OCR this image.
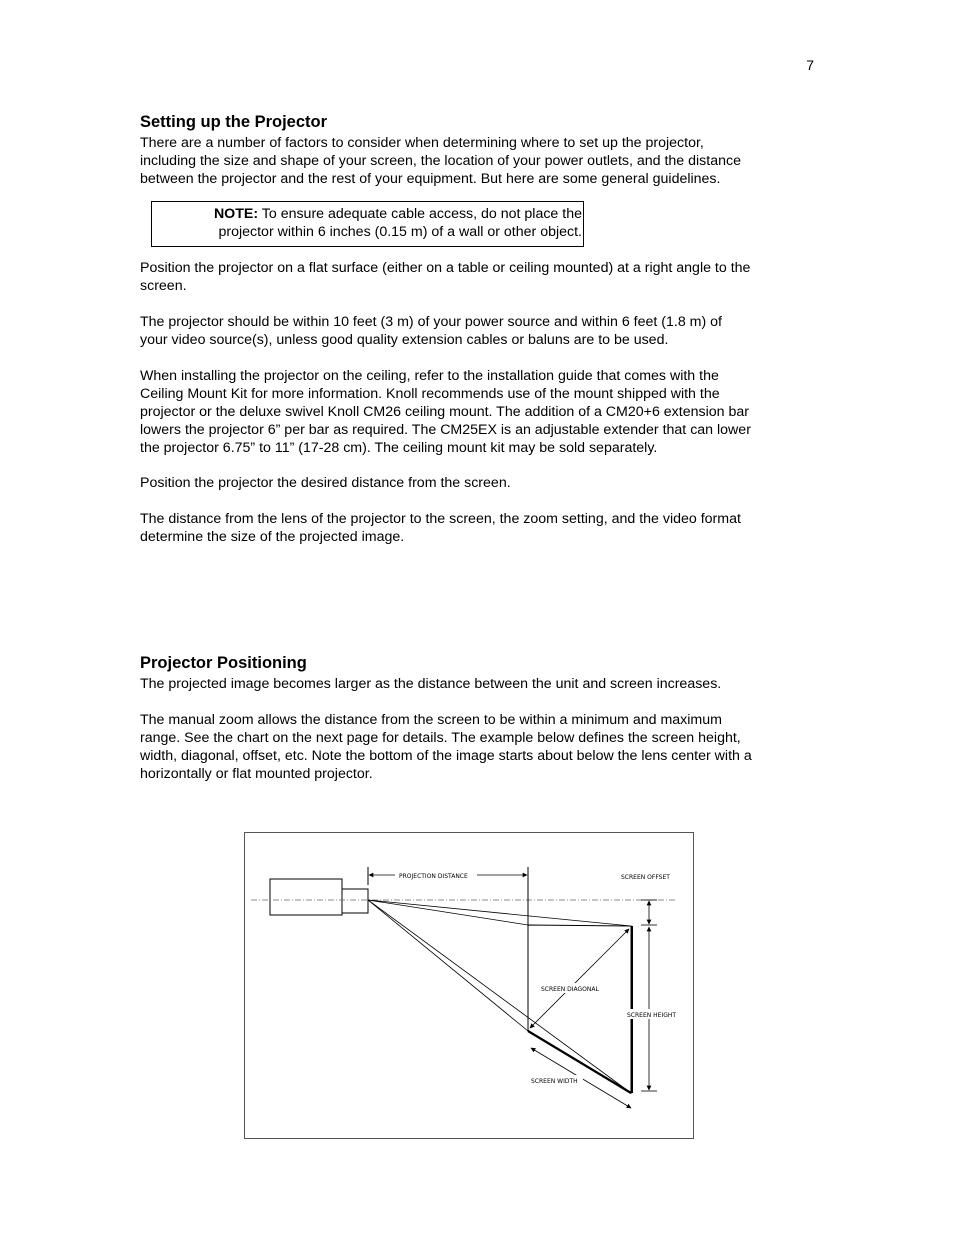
7
Setting up the Projector

There are a number of factors to consider when determining where to set up the projector,
including the size and shape of your screen, the location of your power outlets, and the distance
between the projector and the rest of your equipment. But here are some general guidelines.

NOTE: To ensure adequate cable access, do not place the
projector within 6 inches (0.15 m) of a wall or other object.

Position the projector on a flat surface (either on a table or ceiling mounted) at a right angle to the
screen.

The projector should be within 10 feet (3 m) of your power source and within 6 feet (1.8 m) of
your video source(s), unless good quality extension cables or baluns are to be used.

When installing the projector on the ceiling, refer to the installation guide that comes with the
Ceiling Mount Kit for more information. Knoll recommends use of the mount shipped with the
projector or the deluxe swivel Knoll CM26 ceiling mount. The addition of a CM20+6 extension bar
lowers the projector 6” per bar as required. The CM25EX is an adjustable extender that can lower
the projector 6.75” to 11” (17-28 cm). The ceiling mount kit may be sold separately.

Position the projector the desired distance from the screen.

The distance from the lens of the projector to the screen, the zoom setting, and the video format
determine the size of the projected image.

Projector Positioning

The projected image becomes larger as the distance between the unit and screen increases.

The manual zoom allows the distance from the screen to be within a minimum and maximum
range. See the chart on the next page for details. The example below defines the screen height,
width, diagonal, offset, etc. Note the bottom of the image starts about below the lens center with a
horizontally or flat mounted projector.

PROJECTION DISTANCE
SCREEN DIAGONAL
SCREEN WIDTH
SCREEN OFFSET
SCREEN HEIGHT
